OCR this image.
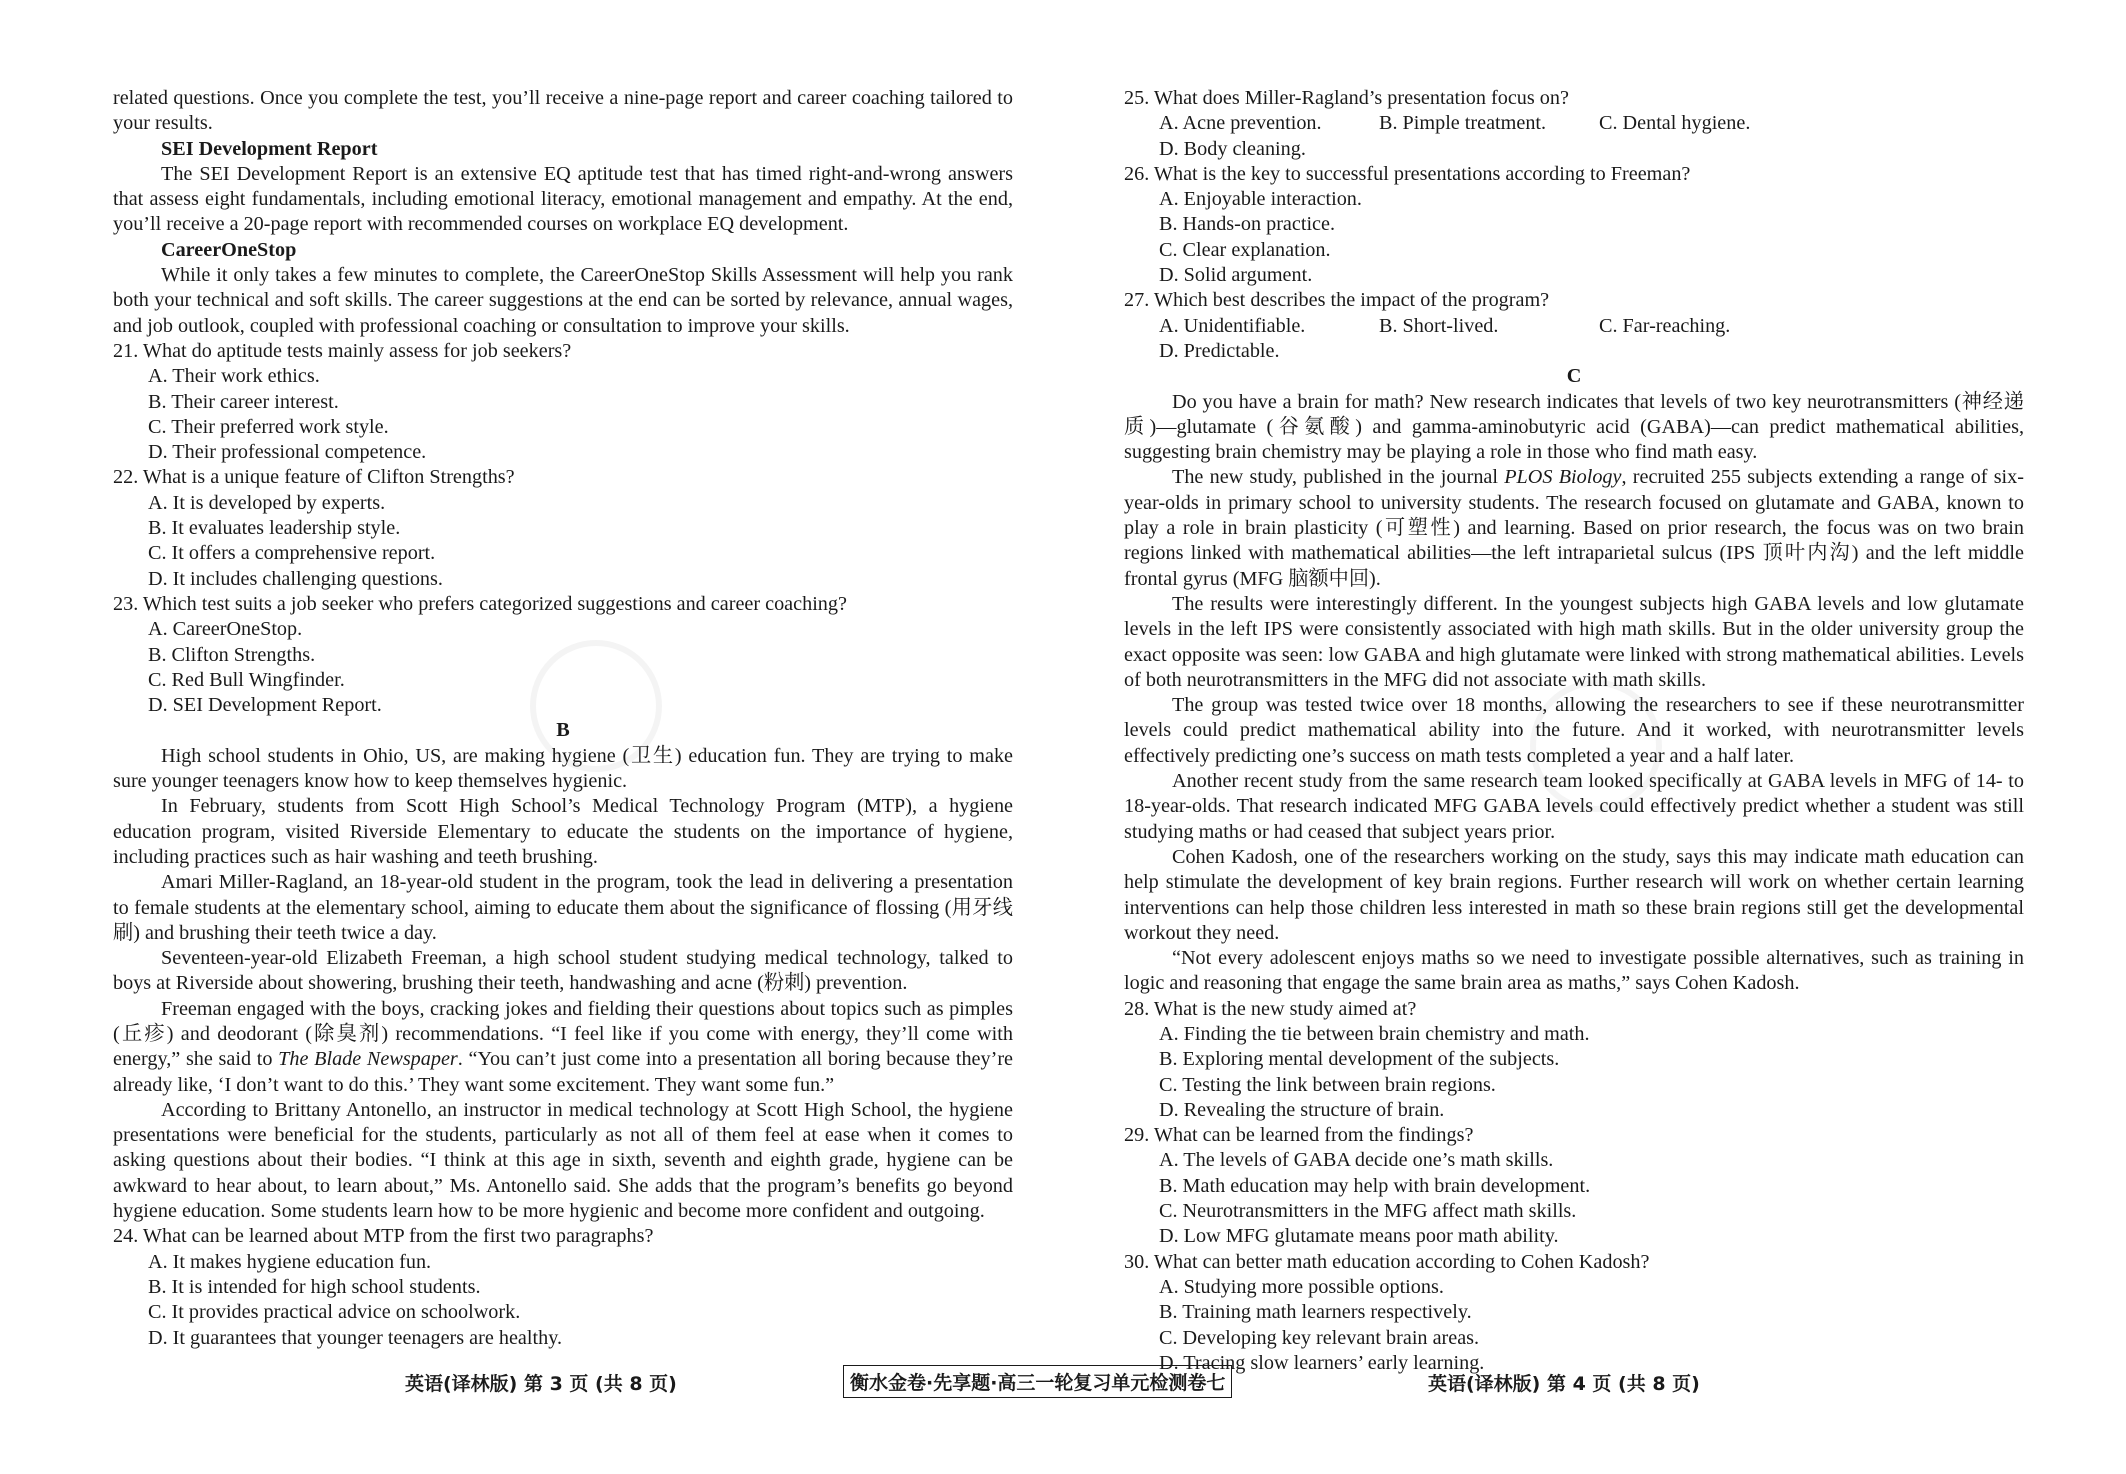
related questions. Once you complete the test, you’ll receive a nine-page report and career coaching tailored to your results.

SEI Development Report

The SEI Development Report is an extensive EQ aptitude test that has timed right-and-wrong answers that assess eight fundamentals, including emotional literacy, emotional management and empathy. At the end, you’ll receive a 20-page report with recommended courses on workplace EQ development.

CareerOneStop

While it only takes a few minutes to complete, the CareerOneStop Skills Assessment will help you rank both your technical and soft skills. The career suggestions at the end can be sorted by relevance, annual wages, and job outlook, coupled with professional coaching or consultation to improve your skills.

21. What do aptitude tests mainly assess for job seekers?

A. Their work ethics.
B. Their career interest.
C. Their preferred work style.
D. Their professional competence.

22. What is a unique feature of Clifton Strengths?

A. It is developed by experts.
B. It evaluates leadership style.
C. It offers a comprehensive report.
D. It includes challenging questions.

23. Which test suits a job seeker who prefers categorized suggestions and career coaching?

A. CareerOneStop.
B. Clifton Strengths.
C. Red Bull Wingfinder.
D. SEI Development Report.

B

High school students in Ohio, US, are making hygiene (卫生) education fun. They are trying to make sure younger teenagers know how to keep themselves hygienic.

In February, students from Scott High School’s Medical Technology Program (MTP), a hygiene education program, visited Riverside Elementary to educate the students on the importance of hygiene, including practices such as hair washing and teeth brushing.

Amari Miller-Ragland, an 18-year-old student in the program, took the lead in delivering a presentation to female students at the elementary school, aiming to educate them about the significance of flossing (用牙线刷) and brushing their teeth twice a day.

Seventeen-year-old Elizabeth Freeman, a high school student studying medical technology, talked to boys at Riverside about showering, brushing their teeth, handwashing and acne (粉刺) prevention.

Freeman engaged with the boys, cracking jokes and fielding their questions about topics such as pimples (丘疹) and deodorant (除臭剂) recommendations. “I feel like if you come with energy, they’ll come with energy,” she said to The Blade Newspaper. “You can’t just come into a presentation all boring because they’re already like, ‘I don’t want to do this.’ They want some excitement. They want some fun.”

According to Brittany Antonello, an instructor in medical technology at Scott High School, the hygiene presentations were beneficial for the students, particularly as not all of them feel at ease when it comes to asking questions about their bodies. “I think at this age in sixth, seventh and eighth grade, hygiene can be awkward to hear about, to learn about,” Ms. Antonello said. She adds that the program’s benefits go beyond hygiene education. Some students learn how to be more hygienic and become more confident and outgoing.

24. What can be learned about MTP from the first two paragraphs?

A. It makes hygiene education fun.
B. It is intended for high school students.
C. It provides practical advice on schoolwork.
D. It guarantees that younger teenagers are healthy.

25. What does Miller-Ragland’s presentation focus on?

A. Acne prevention.	B. Pimple treatment.	C. Dental hygiene.
D. Body cleaning.

26. What is the key to successful presentations according to Freeman?

A. Enjoyable interaction.
B. Hands-on practice.
C. Clear explanation.
D. Solid argument.

27. Which best describes the impact of the program?

A. Unidentifiable.	B. Short-lived.	C. Far-reaching.
D. Predictable.

C

Do you have a brain for math? New research indicates that levels of two key neurotransmitters (神经递质)—glutamate (谷氨酸) and gamma-aminobutyric acid (GABA)—can predict mathematical abilities, suggesting brain chemistry may be playing a role in those who find math easy.

The new study, published in the journal PLOS Biology, recruited 255 subjects extending a range of six-year-olds in primary school to university students. The research focused on glutamate and GABA, known to play a role in brain plasticity (可塑性) and learning. Based on prior research, the focus was on two brain regions linked with mathematical abilities—the left intraparietal sulcus (IPS 顶叶内沟) and the left middle frontal gyrus (MFG 脑额中回).

The results were interestingly different. In the youngest subjects high GABA levels and low glutamate levels in the left IPS were consistently associated with high math skills. But in the older university group the exact opposite was seen: low GABA and high glutamate were linked with strong mathematical abilities. Levels of both neurotransmitters in the MFG did not associate with math skills.

The group was tested twice over 18 months, allowing the researchers to see if these neurotransmitter levels could predict mathematical ability into the future. And it worked, with neurotransmitter levels effectively predicting one’s success on math tests completed a year and a half later.

Another recent study from the same research team looked specifically at GABA levels in MFG of 14- to 18-year-olds. That research indicated MFG GABA levels could effectively predict whether a student was still studying maths or had ceased that subject years prior.

Cohen Kadosh, one of the researchers working on the study, says this may indicate math education can help stimulate the development of key brain regions. Further research will work on whether certain learning interventions can help those children less interested in math so these brain regions still get the developmental workout they need.

“Not every adolescent enjoys maths so we need to investigate possible alternatives, such as training in logic and reasoning that engage the same brain area as maths,” says Cohen Kadosh.

28. What is the new study aimed at?

A. Finding the tie between brain chemistry and math.
B. Exploring mental development of the subjects.
C. Testing the link between brain regions.
D. Revealing the structure of brain.

29. What can be learned from the findings?

A. The levels of GABA decide one’s math skills.
B. Math education may help with brain development.
C. Neurotransmitters in the MFG affect math skills.
D. Low MFG glutamate means poor math ability.

30. What can better math education according to Cohen Kadosh?

A. Studying more possible options.
B. Training math learners respectively.
C. Developing key relevant brain areas.
D. Tracing slow learners’ early learning.
英语(译林版) 第 3 页 (共 8 页)	衡水金卷·先享题·高三一轮复习单元检测卷七	英语(译林版) 第 4 页 (共 8 页)
